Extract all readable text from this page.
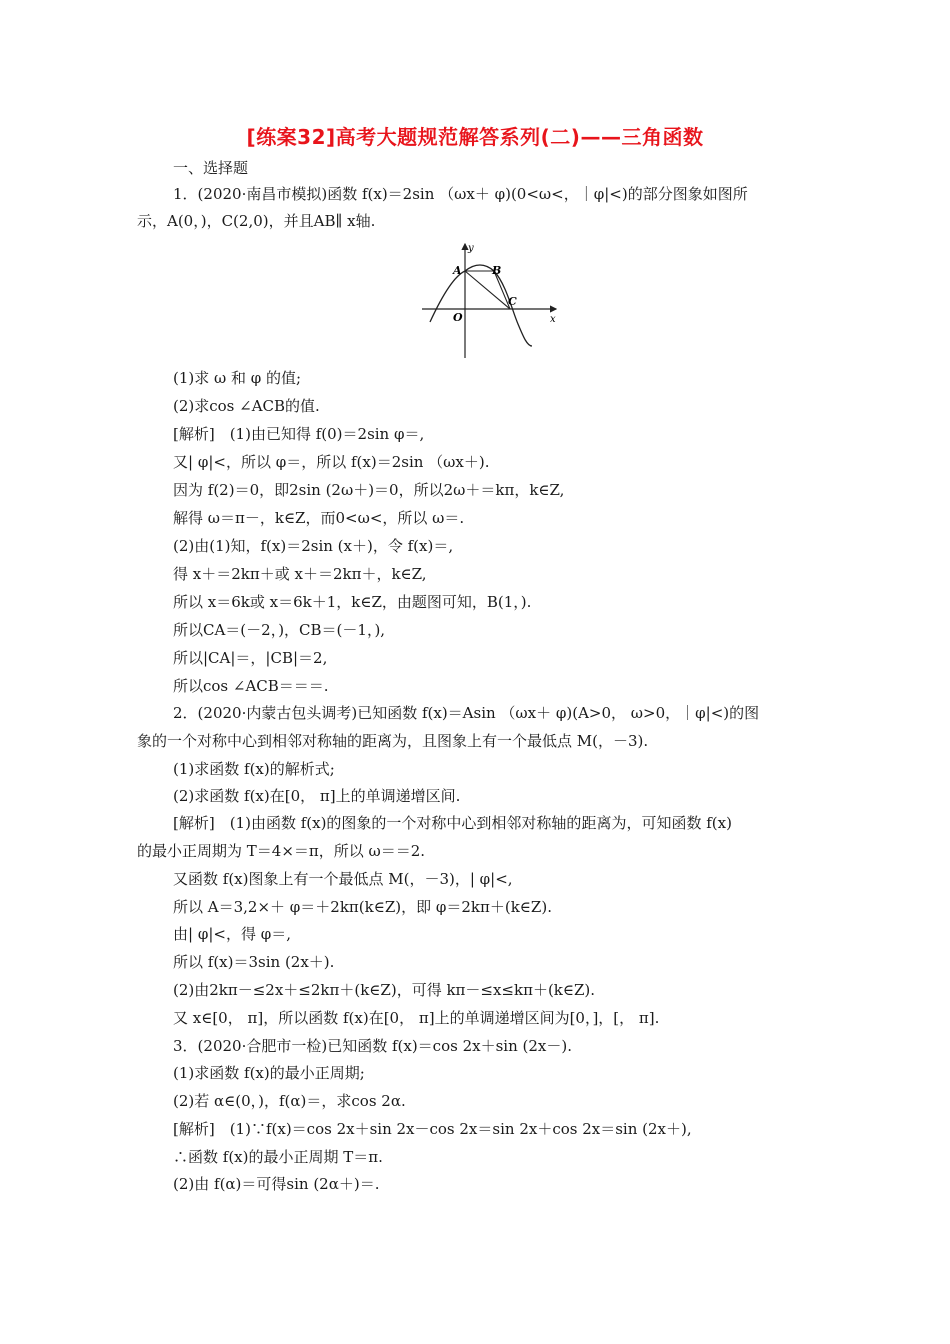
[练案32]高考大题规范解答系列(二)——三角函数
一、选择题
1．(2020·南昌市模拟)函数 f(x)＝2sin （ωx＋ φ)(0<ω<，｜φ|<)的部分图象如图所
示，A(0，)，C(2,0)，并且AB∥ x轴.
A	B
C
O	x
y
(1)求 ω 和 φ 的值;
(2)求cos ∠ACB的值.
[解析]　(1)由已知得 f(0)＝2sin φ＝,
又| φ|<，所以 φ＝，所以 f(x)＝2sin （ωx＋).
因为 f(2)＝0，即2sin (2ω＋)＝0，所以2ω＋＝kπ，k∈Z,
解得 ω＝π－，k∈Z，而0<ω<，所以 ω＝.
(2)由(1)知，f(x)＝2sin (x＋)，令 f(x)＝,
得 x＋＝2kπ＋或 x＋＝2kπ＋，k∈Z,
所以 x＝6k或 x＝6k＋1，k∈Z，由题图可知，B(1，).
所以CA＝(－2，)，CB＝(－1，),
所以|CA|＝，|CB|＝2,
所以cos ∠ACB＝＝＝.
2．(2020·内蒙古包头调考)已知函数 f(x)＝Asin （ωx＋ φ)(A>0， ω>0，｜φ|<)的图
象的一个对称中心到相邻对称轴的距离为，且图象上有一个最低点 M(，－3).
(1)求函数 f(x)的解析式;
(2)求函数 f(x)在[0， π]上的单调递增区间.
[解析]　(1)由函数 f(x)的图象的一个对称中心到相邻对称轴的距离为，可知函数 f(x)
的最小正周期为 T＝4×＝π，所以 ω＝＝2.
又函数 f(x)图象上有一个最低点 M(，－3)，| φ|<,
所以 A＝3,2×＋ φ＝＋2kπ(k∈Z)，即 φ＝2kπ＋(k∈Z).
由| φ|<，得 φ＝,
所以 f(x)＝3sin (2x＋).
(2)由2kπ－≤2x＋≤2kπ＋(k∈Z)，可得 kπ－≤x≤kπ＋(k∈Z).
又 x∈[0， π]，所以函数 f(x)在[0， π]上的单调递增区间为[0，]，[， π].
3．(2020·合肥市一检)已知函数 f(x)＝cos 2x＋sin (2x－).
(1)求函数 f(x)的最小正周期;
(2)若 α∈(0，)，f(α)＝，求cos 2α.
[解析]　(1)∵f(x)＝cos 2x＋sin 2x－cos 2x＝sin 2x＋cos 2x＝sin (2x＋),
∴函数 f(x)的最小正周期 T＝π.
(2)由 f(α)＝可得sin (2α＋)＝.
